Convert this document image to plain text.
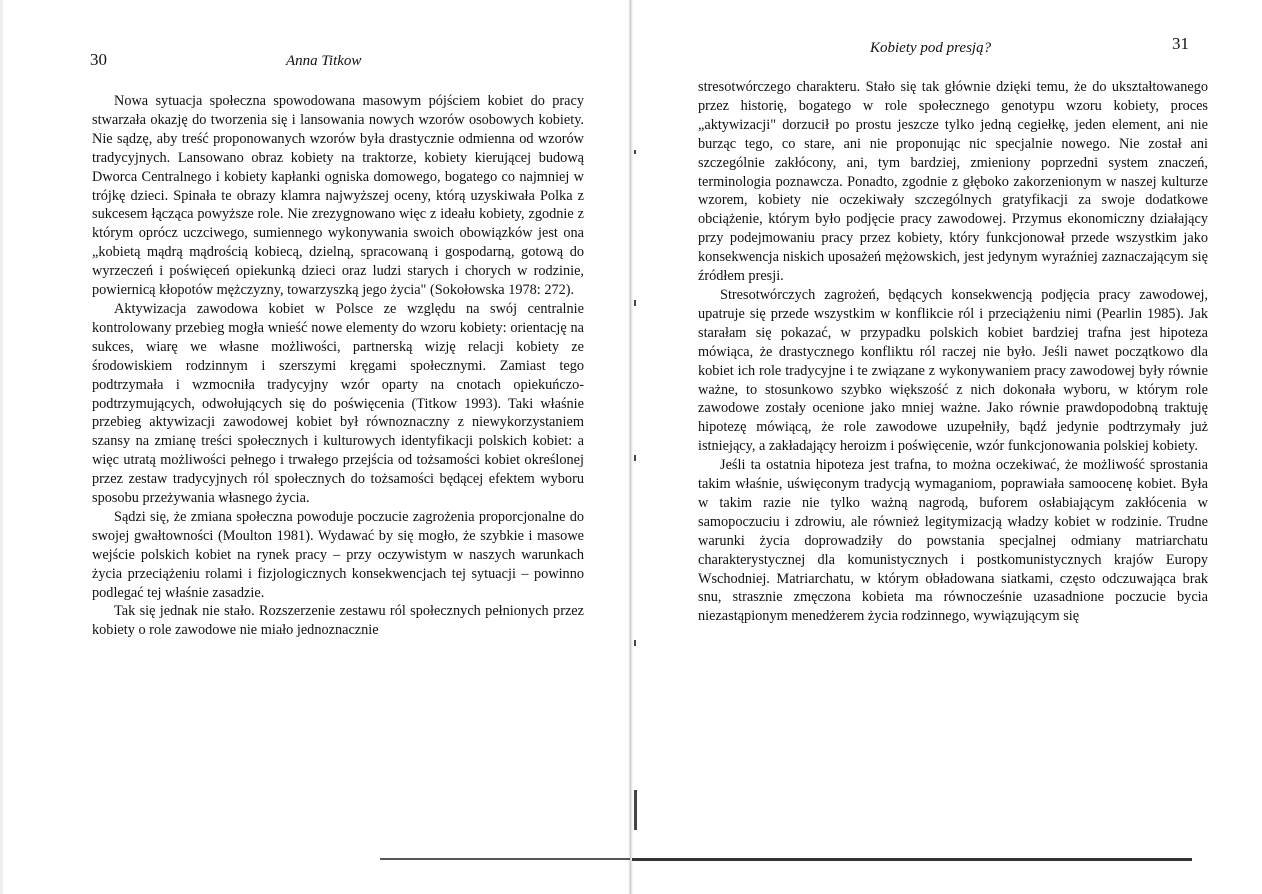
30	Anna Titkow

Nowa sytuacja społeczna spowodowana masowym pójściem kobiet do pracy stwarzała okazję do tworzenia się i lansowania nowych wzorów osobowych kobiety. Nie sądzę, aby treść proponowanych wzorów była drastycznie odmienna od wzorów tradycyjnych. Lansowano obraz kobiety na traktorze, kobiety kierującej budową Dworca Centralnego i kobiety kapłanki ogniska domowego, bogatego co najmniej w trójkę dzieci. Spinała te obrazy klamra najwyższej oceny, którą uzyskiwała Polka z sukcesem łącząca powyższe role. Nie zrezygnowano więc z ideału kobiety, zgodnie z którym oprócz uczciwego, sumiennego wykonywania swoich obowiązków jest ona „kobietą mądrą mądrością kobiecą, dzielną, spracowaną i gospodarną, gotową do wyrzeczeń i poświęceń opiekunką dzieci oraz ludzi starych i chorych w rodzinie, powiernicą kłopotów mężczyzny, towarzyszką jego życia" (Sokołowska 1978: 272).

Aktywizacja zawodowa kobiet w Polsce ze względu na swój centralnie kontrolowany przebieg mogła wnieść nowe elementy do wzoru kobiety: orientację na sukces, wiarę we własne możliwości, partnerską wizję relacji kobiety ze środowiskiem rodzinnym i szerszymi kręgami społecznymi. Zamiast tego podtrzymała i wzmocniła tradycyjny wzór oparty na cnotach opiekuńczo-podtrzymujących, odwołujących się do poświęcenia (Titkow 1993). Taki właśnie przebieg aktywizacji zawodowej kobiet był równoznaczny z niewykorzystaniem szansy na zmianę treści społecznych i kulturowych identyfikacji polskich kobiet: a więc utratą możliwości pełnego i trwałego przejścia od tożsamości kobiet określonej przez zestaw tradycyjnych ról społecznych do tożsamości będącej efektem wyboru sposobu przeżywania własnego życia.

Sądzi się, że zmiana społeczna powoduje poczucie zagrożenia proporcjonalne do swojej gwałtowności (Moulton 1981). Wydawać by się mogło, że szybkie i masowe wejście polskich kobiet na rynek pracy – przy oczywistym w naszych warunkach życia przeciążeniu rolami i fizjologicznych konsekwencjach tej sytuacji – powinno podlegać tej właśnie zasadzie.

Tak się jednak nie stało. Rozszerzenie zestawu ról społecznych pełnionych przez kobiety o role zawodowe nie miało jednoznacznie

Kobiety pod presją?	31

stresotwórczego charakteru. Stało się tak głównie dzięki temu, że do ukształtowanego przez historię, bogatego w role społecznego genotypu wzoru kobiety, proces „aktywizacji" dorzucił po prostu jeszcze tylko jedną cegiełkę, jeden element, ani nie burząc tego, co stare, ani nie proponując nic specjalnie nowego. Nie został ani szczególnie zakłócony, ani, tym bardziej, zmieniony poprzedni system znaczeń, terminologia poznawcza. Ponadto, zgodnie z głęboko zakorzenionym w naszej kulturze wzorem, kobiety nie oczekiwały szczególnych gratyfikacji za swoje dodatkowe obciążenie, którym było podjęcie pracy zawodowej. Przymus ekonomiczny działający przy podejmowaniu pracy przez kobiety, który funkcjonował przede wszystkim jako konsekwencja niskich uposażeń mężowskich, jest jedynym wyraźniej zaznaczającym się źródłem presji.

Stresotwórczych zagrożeń, będących konsekwencją podjęcia pracy zawodowej, upatruje się przede wszystkim w konflikcie ról i przeciążeniu nimi (Pearlin 1985). Jak starałam się pokazać, w przypadku polskich kobiet bardziej trafna jest hipoteza mówiąca, że drastycznego konfliktu ról raczej nie było. Jeśli nawet początkowo dla kobiet ich role tradycyjne i te związane z wykonywaniem pracy zawodowej były równie ważne, to stosunkowo szybko większość z nich dokonała wyboru, w którym role zawodowe zostały ocenione jako mniej ważne. Jako równie prawdopodobną traktuję hipotezę mówiącą, że role zawodowe uzupełniły, bądź jedynie podtrzymały już istniejący, a zakładający heroizm i poświęcenie, wzór funkcjonowania polskiej kobiety.

Jeśli ta ostatnia hipoteza jest trafna, to można oczekiwać, że możliwość sprostania takim właśnie, uświęconym tradycją wymaganiom, poprawiała samoocenę kobiet. Była w takim razie nie tylko ważną nagrodą, buforem osłabiającym zakłócenia w samopoczuciu i zdrowiu, ale również legitymizacją władzy kobiet w rodzinie. Trudne warunki życia doprowadziły do powstania specjalnej odmiany matriarchatu charakterystycznej dla komunistycznych i postkomunistycznych krajów Europy Wschodniej. Matriarchatu, w którym obładowana siatkami, często odczuwająca brak snu, strasznie zmęczona kobieta ma równocześnie uzasadnione poczucie bycia niezastąpionym menedżerem życia rodzinnego, wywiązującym się
